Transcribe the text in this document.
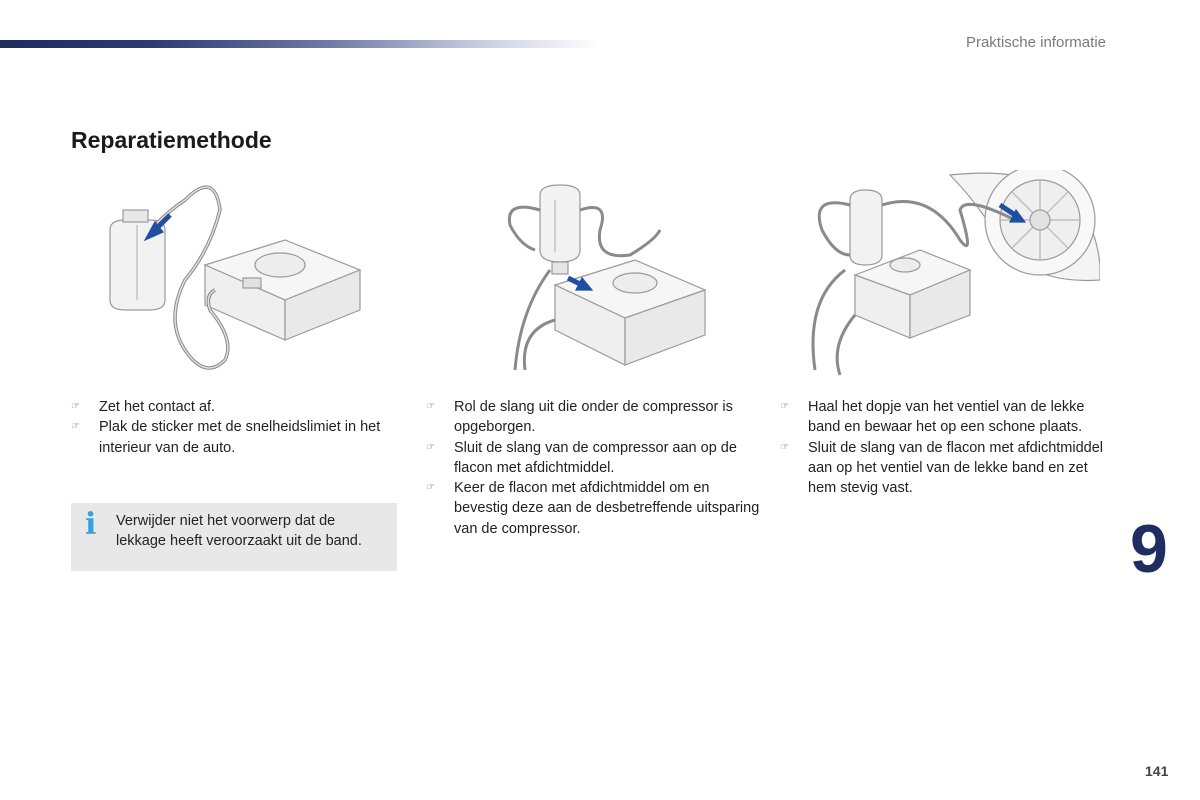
Praktische informatie
Reparatiemethode
☞ Zet het contact af.
☞ Plak de sticker met de snelheidslimiet in het interieur van de auto.
☞ Rol de slang uit die onder de compressor is opgeborgen.
☞ Sluit de slang van de compressor aan op de flacon met afdichtmiddel.
☞ Keer de flacon met afdichtmiddel om en bevestig deze aan de desbetreffende uitsparing van de compressor.
☞ Haal het dopje van het ventiel van de lekke band en bewaar het op een schone plaats.
☞ Sluit de slang van de flacon met afdichtmiddel aan op het ventiel van de lekke band en zet hem stevig vast.
i Verwijder niet het voorwerp dat de lekkage heeft veroorzaakt uit de band.	9
141
